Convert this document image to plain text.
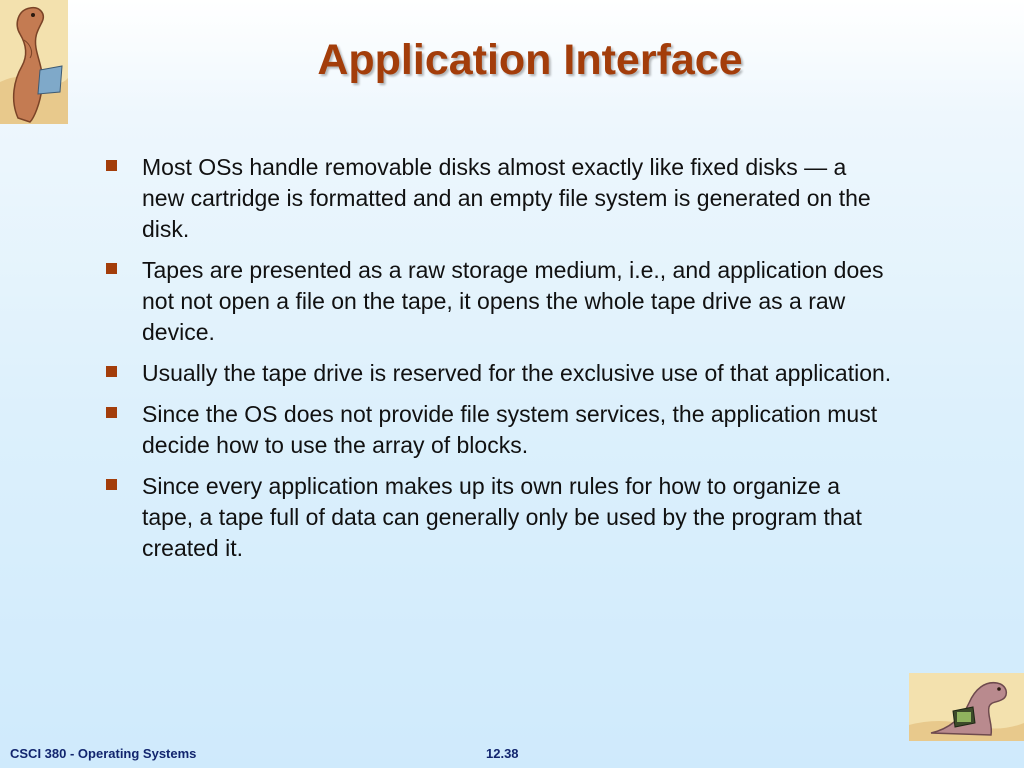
Application Interface
Most OSs handle removable disks almost exactly like fixed disks — a new cartridge is formatted and an empty file system is generated on the disk.
Tapes are presented as a raw storage medium, i.e., and application does not not open a file on the tape, it opens the whole tape drive as a raw device.
Usually the tape drive is reserved for the exclusive use of that application.
Since the OS does not provide file system services, the application must decide how to use the array of blocks.
Since every application makes up its own rules for how to organize a tape, a tape full of data can generally only be used by the program that created it.
CSCI 380 - Operating Systems	12.38
